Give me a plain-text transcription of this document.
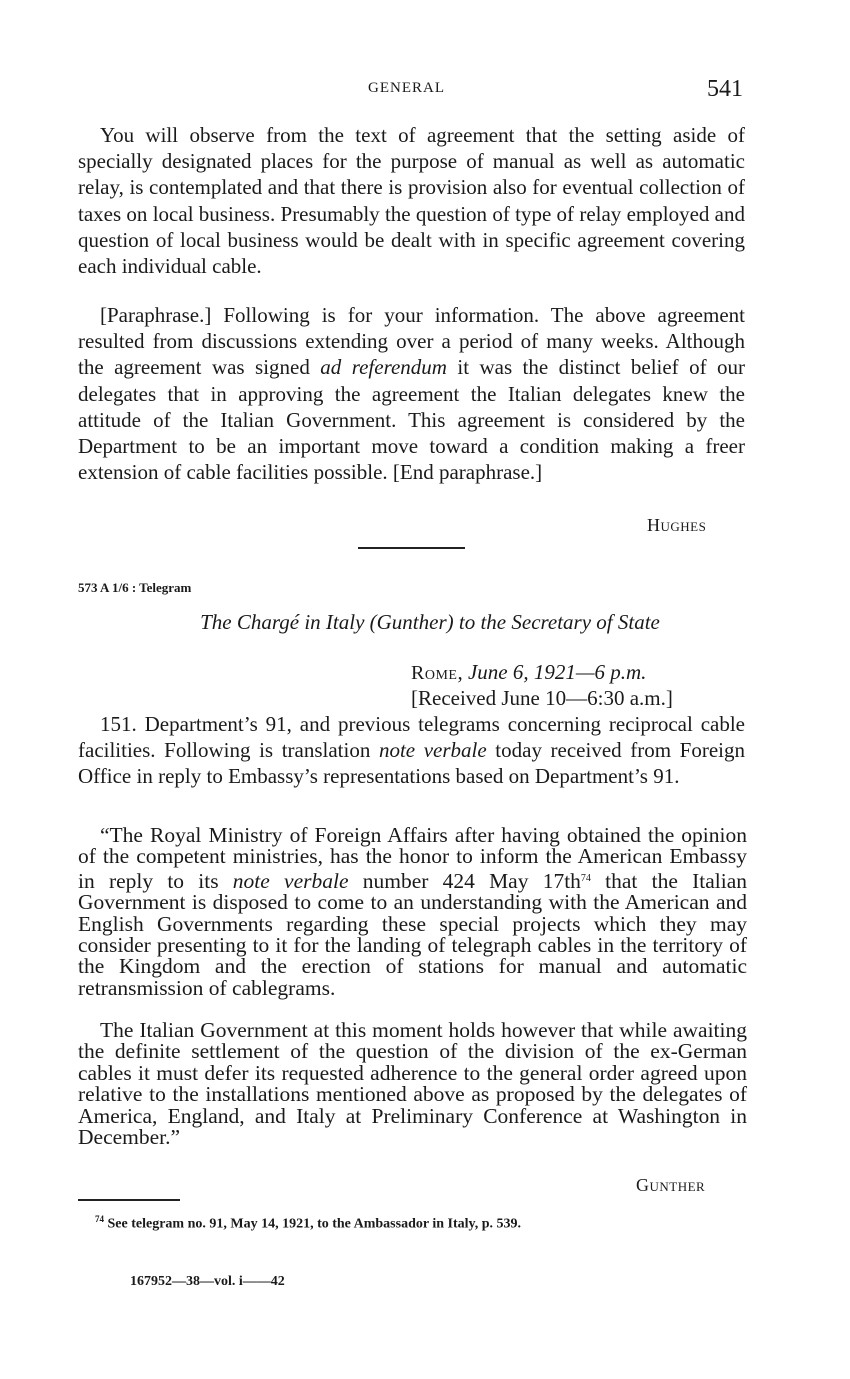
GENERAL	541

You will observe from the text of agreement that the setting aside of specially designated places for the purpose of manual as well as automatic relay, is contemplated and that there is provision also for eventual collection of taxes on local business. Presumably the question of type of relay employed and question of local business would be dealt with in specific agreement covering each individual cable.

[Paraphrase.] Following is for your information. The above agreement resulted from discussions extending over a period of many weeks. Although the agreement was signed ad referendum it was the distinct belief of our delegates that in approving the agreement the Italian delegates knew the attitude of the Italian Government. This agreement is considered by the Department to be an important move toward a condition making a freer extension of cable facilities possible. [End paraphrase.]

Hughes
573 A 1/6 : Telegram
The Chargé in Italy (Gunther) to the Secretary of State
Rome, June 6, 1921—6 p.m.
[Received June 10—6:30 a.m.]

151. Department’s 91, and previous telegrams concerning reciprocal cable facilities. Following is translation note verbale today received from Foreign Office in reply to Embassy’s representations based on Department’s 91.

“The Royal Ministry of Foreign Affairs after having obtained the opinion of the competent ministries, has the honor to inform the American Embassy in reply to its note verbale number 424 May 17th$^{74}$ that the Italian Government is disposed to come to an understanding with the American and English Governments regarding these special projects which they may consider presenting to it for the landing of telegraph cables in the territory of the Kingdom and the erection of stations for manual and automatic retransmission of cablegrams.

The Italian Government at this moment holds however that while awaiting the definite settlement of the question of the division of the ex-German cables it must defer its requested adherence to the general order agreed upon relative to the installations mentioned above as proposed by the delegates of America, England, and Italy at Preliminary Conference at Washington in December.”

Gunther
$^{74}$ See telegram no. 91, May 14, 1921, to the Ambassador in Italy, p. 539.
167952—38—vol. i——42
